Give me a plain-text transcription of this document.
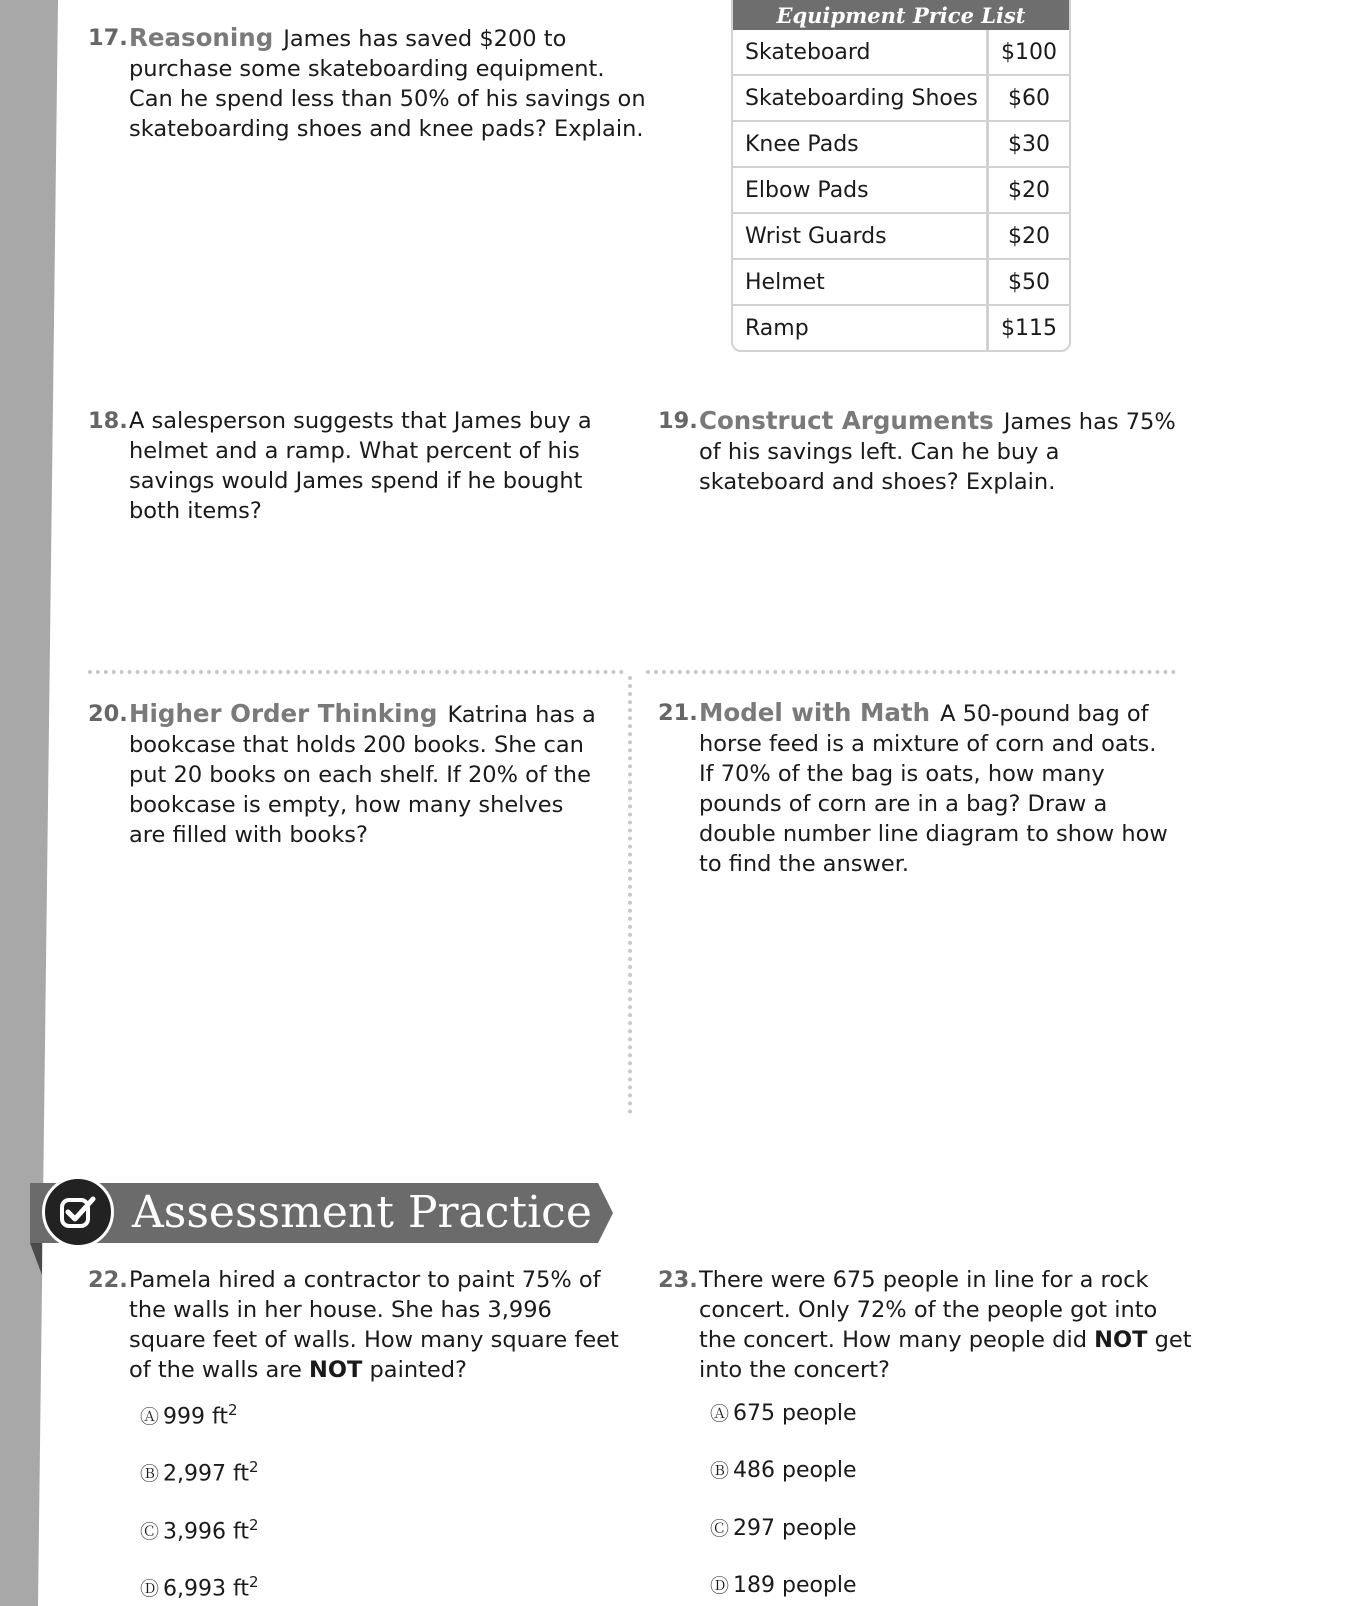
17. Reasoning James has saved $200 to purchase some skateboarding equipment. Can he spend less than 50% of his savings on skateboarding shoes and knee pads? Explain.
Equipment Price List
Skateboard	$100
Skateboarding Shoes	$60
Knee Pads	$30
Elbow Pads	$20
Wrist Guards	$20
Helmet	$50
Ramp	$115
18. A salesperson suggests that James buy a helmet and a ramp. What percent of his savings would James spend if he bought both items?
19. Construct Arguments James has 75% of his savings left. Can he buy a skateboard and shoes? Explain.
20. Higher Order Thinking Katrina has a bookcase that holds 200 books. She can put 20 books on each shelf. If 20% of the bookcase is empty, how many shelves are filled with books?
21. Model with Math A 50-pound bag of horse feed is a mixture of corn and oats. If 70% of the bag is oats, how many pounds of corn are in a bag? Draw a double number line diagram to show how to find the answer.
Assessment Practice
22. Pamela hired a contractor to paint 75% of the walls in her house. She has 3,996 square feet of walls. How many square feet of the walls are NOT painted?
Ⓐ 999 $ft^2$
Ⓑ 2,997 $ft^2$
Ⓒ 3,996 $ft^2$
Ⓓ 6,993 $ft^2$
23. There were 675 people in line for a rock concert. Only 72% of the people got into the concert. How many people did NOT get into the concert?
Ⓐ 675 people
Ⓑ 486 people
Ⓒ 297 people
Ⓓ 189 people
